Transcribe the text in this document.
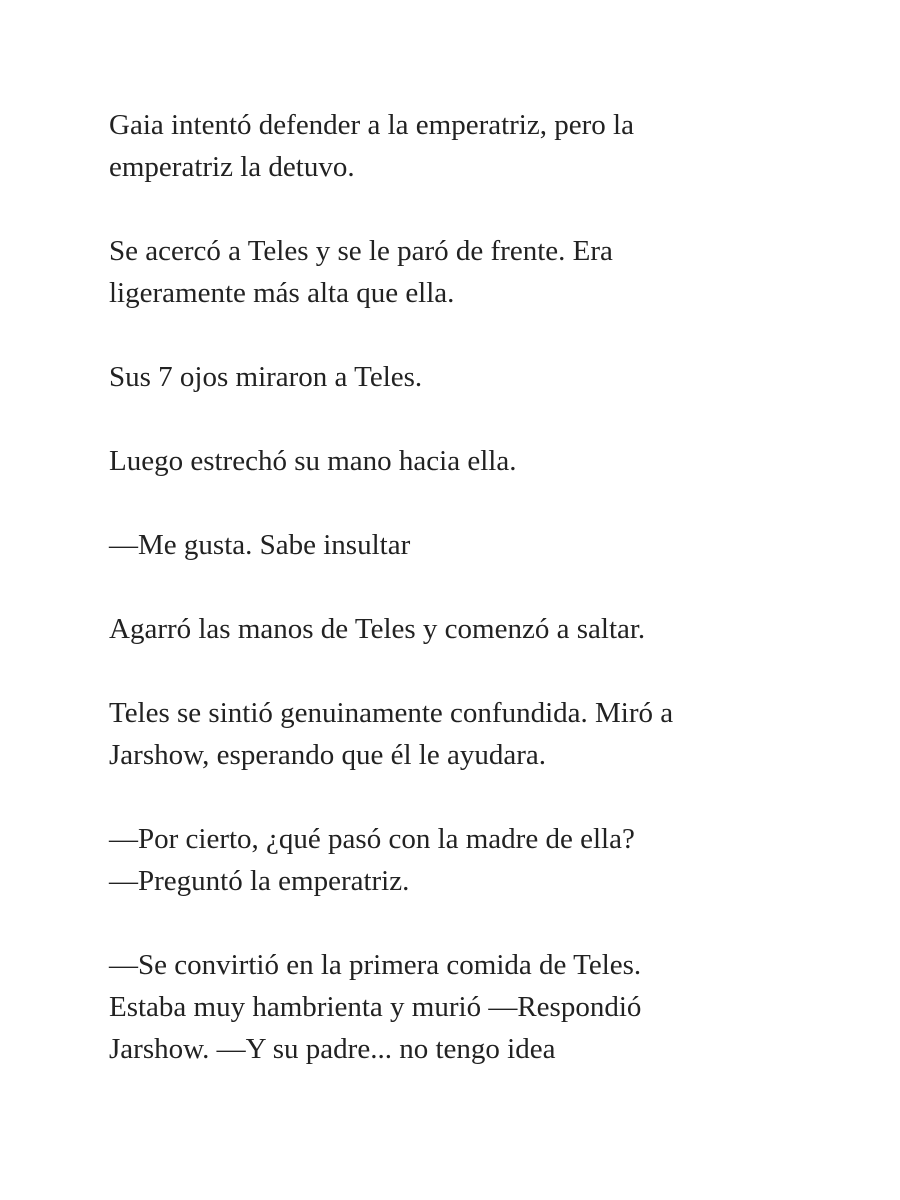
Gaia intentó defender a la emperatriz, pero la
emperatriz la detuvo.

Se acercó a Teles y se le paró de frente. Era
ligeramente más alta que ella.

Sus 7 ojos miraron a Teles.

Luego estrechó su mano hacia ella.

—Me gusta. Sabe insultar

Agarró las manos de Teles y comenzó a saltar.

Teles se sintió genuinamente confundida. Miró a
Jarshow, esperando que él le ayudara.

—Por cierto, ¿qué pasó con la madre de ella?
—Preguntó la emperatriz.

—Se convirtió en la primera comida de Teles.
Estaba muy hambrienta y murió —Respondió
Jarshow. —Y su padre... no tengo idea
